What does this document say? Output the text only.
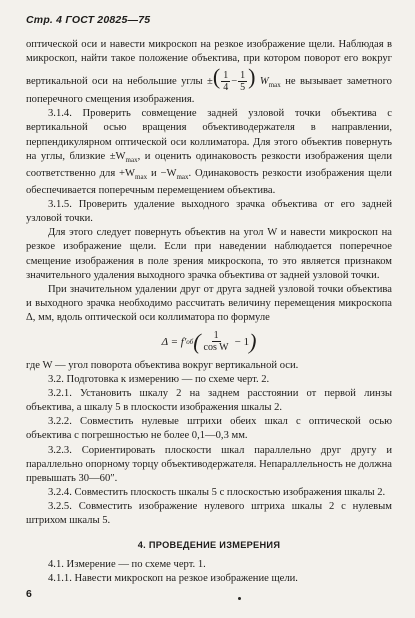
Стр. 4 ГОСТ 20825—75

оптической оси и навести микроскоп на резкое изображение щели. Наблюдая в микроскоп, найти такое положение объектива, при котором поворот его вокруг вертикальной оси на небольшие углы ±( $\frac{1}{4} - \frac{1}{5}$ ) $W_{max}$ не вызывает заметного поперечного смещения изображения.

3.1.4. Проверить совмещение задней узловой точки объектива с вертикальной осью вращения объективодержателя в направлении, перпендикулярном оптической оси коллиматора. Для этого объектив повернуть на углы, близкие $\pm W_{max}$, и оценить одинаковость резкости изображения щели соответственно для $+W_{max}$ $и -W_{max}$. Одинаковость резкости изображения щели обеспечивается поперечным перемещением объектива.

3.1.5. Проверить удаление выходного зрачка объектива от его задней узловой точки.

Для этого следует повернуть объектив на угол W и навести микроскоп на резкое изображение щели. Если при наведении наблюдается поперечное смещение изображения в поле зрения микроскопа, то это является признаком значительного удаления выходного зрачка объектива от задней узловой точки.

При значительном удалении друг от друга задней узловой точки объектива и выходного зрачка необходимо рассчитать величину перемещения микроскопа Δ, мм, вдоль оптической оси коллиматора по формуле

Δ = f′ об ( $\frac{1}{\text{cos W}} - 1$ )

где W — угол поворота объектива вокруг вертикальной оси.

3.2. Подготовка к измерению — по схеме черт. 2.

3.2.1. Установить шкалу 2 на заднем расстоянии от первой линзы объектива, а шкалу 5 в плоскости изображения шкалы 2.

3.2.2. Совместить нулевые штрихи обеих шкал с оптической осью объектива с погрешностью не более 0,1—0,3 мм.

3.2.3. Сориентировать плоскости шкал параллельно друг другу и параллельно опорному торцу объективодержателя. Непараллельность не должна превышать 30—60″.

3.2.4. Совместить плоскость шкалы 5 с плоскостью изображения шкалы 2.

3.2.5. Совместить изображение нулевого штриха шкалы 2 с нулевым штрихом шкалы 5.

4. ПРОВЕДЕНИЕ ИЗМЕРЕНИЯ

4.1. Измерение — по схеме черт. 1.

4.1.1. Навести микроскоп на резкое изображение щели.

6
